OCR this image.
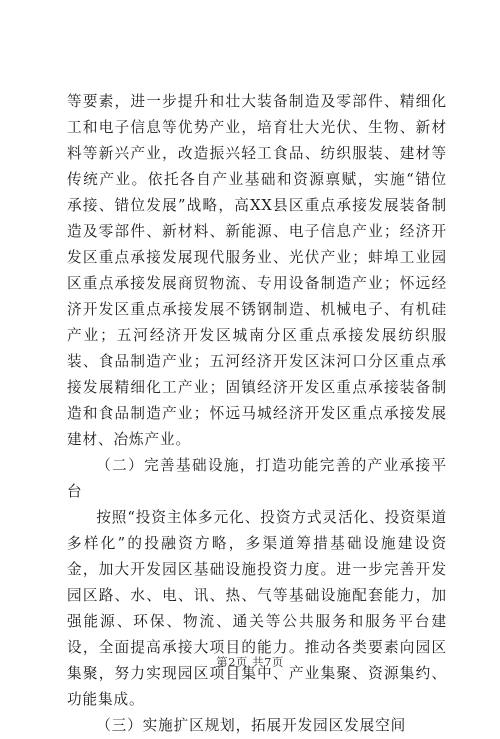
等要素，进一步提升和壮大装备制造及零部件、精细化工和电子信息等优势产业，培育壮大光伏、生物、新材料等新兴产业，改造振兴轻工食品、纺织服装、建材等传统产业。依托各自产业基础和资源禀赋，实施“错位承接、错位发展”战略，高XX县区重点承接发展装备制造及零部件、新材料、新能源、电子信息产业；经济开发区重点承接发展现代服务业、光伏产业；蚌埠工业园区重点承接发展商贸物流、专用设备制造产业；怀远经济开发区重点承接发展不锈钢制造、机械电子、有机硅产业；五河经济开发区城南分区重点承接发展纺织服装、食品制造产业；五河经济开发区沫河口分区重点承接发展精细化工产业；固镇经济开发区重点承接装备制造和食品制造产业；怀远马城经济开发区重点承接发展建材、冶炼产业。

（二）完善基础设施，打造功能完善的产业承接平台

按照“投资主体多元化、投资方式灵活化、投资渠道多样化”的投融资方略，多渠道筹措基础设施建设资金，加大开发园区基础设施投资力度。进一步完善开发园区路、水、电、讯、热、气等基础设施配套能力，加强能源、环保、物流、通关等公共服务和服务平台建设，全面提高承接大项目的能力。推动各类要素向园区集聚，努力实现园区项目集中、产业集聚、资源集约、功能集成。

（三）实施扩区规划，拓展开发园区发展空间

第2页 共7页
